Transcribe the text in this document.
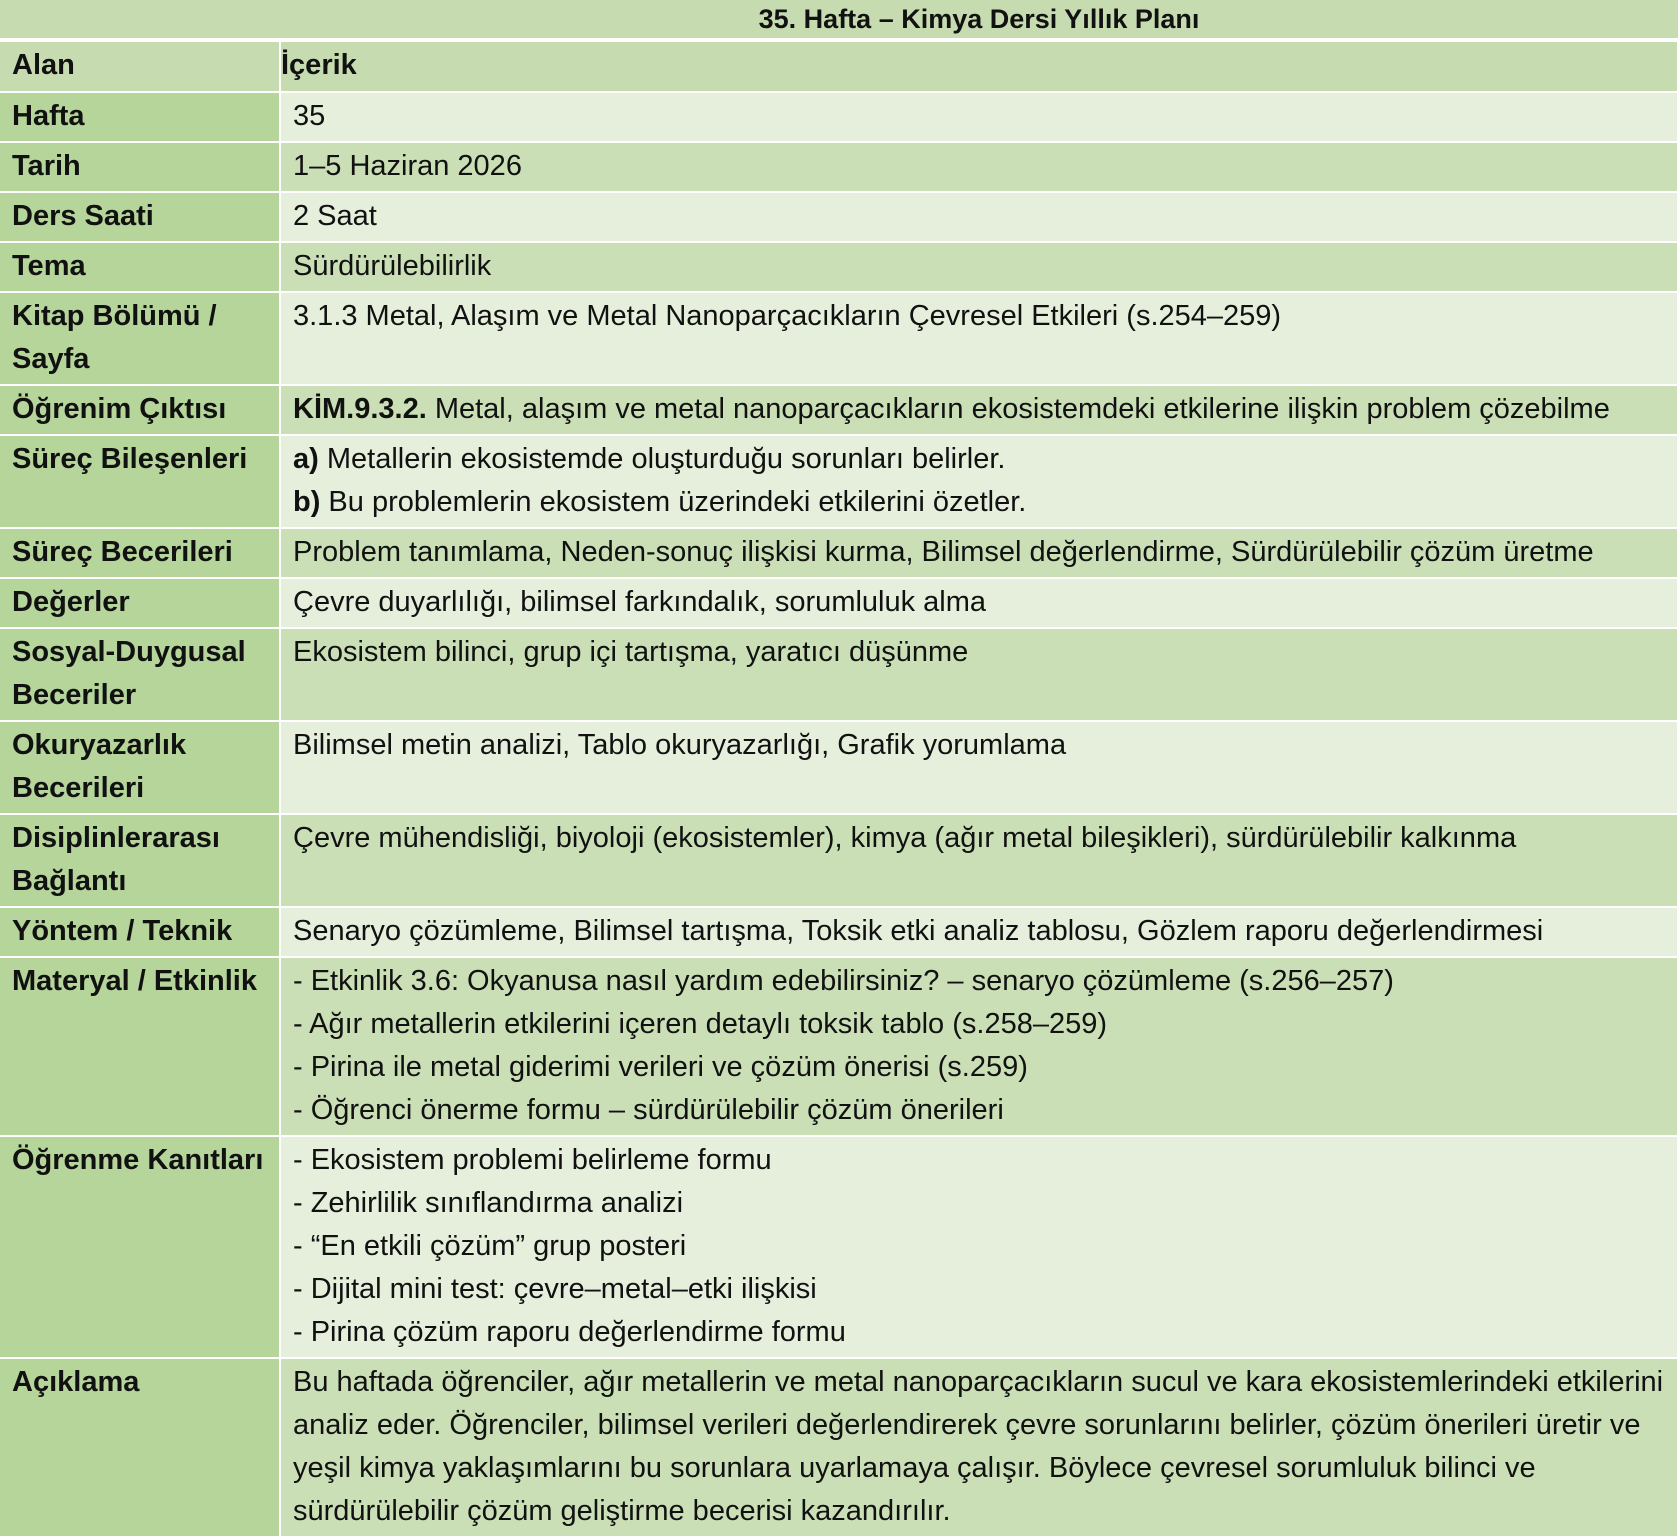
35. Hafta – Kimya Dersi Yıllık Planı
Alan	İçerik
Hafta	35

Tarih	1–5 Haziran 2026

Ders Saati	2 Saat

Tema	Sürdürülebilirlik

Kitap Bölümü / Sayfa	3.1.3 Metal, Alaşım ve Metal Nanoparçacıkların Çevresel Etkileri (s.254–259)

Öğrenim Çıktısı	KİM.9.3.2. Metal, alaşım ve metal nanoparçacıkların ekosistemdeki etkilerine ilişkin problem çözebilme

Süreç Bileşenleri	a) Metallerin ekosistemde oluşturduğu sorunları belirler.
b) Bu problemlerin ekosistem üzerindeki etkilerini özetler.

Süreç Becerileri	Problem tanımlama, Neden-sonuç ilişkisi kurma, Bilimsel değerlendirme, Sürdürülebilir çözüm üretme

Değerler	Çevre duyarlılığı, bilimsel farkındalık, sorumluluk alma

Sosyal-Duygusal Beceriler	Ekosistem bilinci, grup içi tartışma, yaratıcı düşünme

Okuryazarlık Becerileri	Bilimsel metin analizi, Tablo okuryazarlığı, Grafik yorumlama

Disiplinlerarası Bağlantı	Çevre mühendisliği, biyoloji (ekosistemler), kimya (ağır metal bileşikleri), sürdürülebilir kalkınma

Yöntem / Teknik	Senaryo çözümleme, Bilimsel tartışma, Toksik etki analiz tablosu, Gözlem raporu değerlendirmesi

Materyal / Etkinlik	- Etkinlik 3.6: Okyanusa nasıl yardım edebilirsiniz? – senaryo çözümleme (s.256–257)
- Ağır metallerin etkilerini içeren detaylı toksik tablo (s.258–259)
- Pirina ile metal giderimi verileri ve çözüm önerisi (s.259)
- Öğrenci önerme formu – sürdürülebilir çözüm önerileri

Öğrenme Kanıtları	- Ekosistem problemi belirleme formu
- Zehirlilik sınıflandırma analizi
- “En etkili çözüm” grup posteri
- Dijital mini test: çevre–metal–etki ilişkisi
- Pirina çözüm raporu değerlendirme formu

Açıklama	Bu haftada öğrenciler, ağır metallerin ve metal nanoparçacıkların sucul ve kara ekosistemlerindeki etkilerini analiz eder. Öğrenciler, bilimsel verileri değerlendirerek çevre sorunlarını belirler, çözüm önerileri üretir ve yeşil kimya yaklaşımlarını bu sorunlara uyarlamaya çalışır. Böylece çevresel sorumluluk bilinci ve sürdürülebilir çözüm geliştirme becerisi kazandırılır.
